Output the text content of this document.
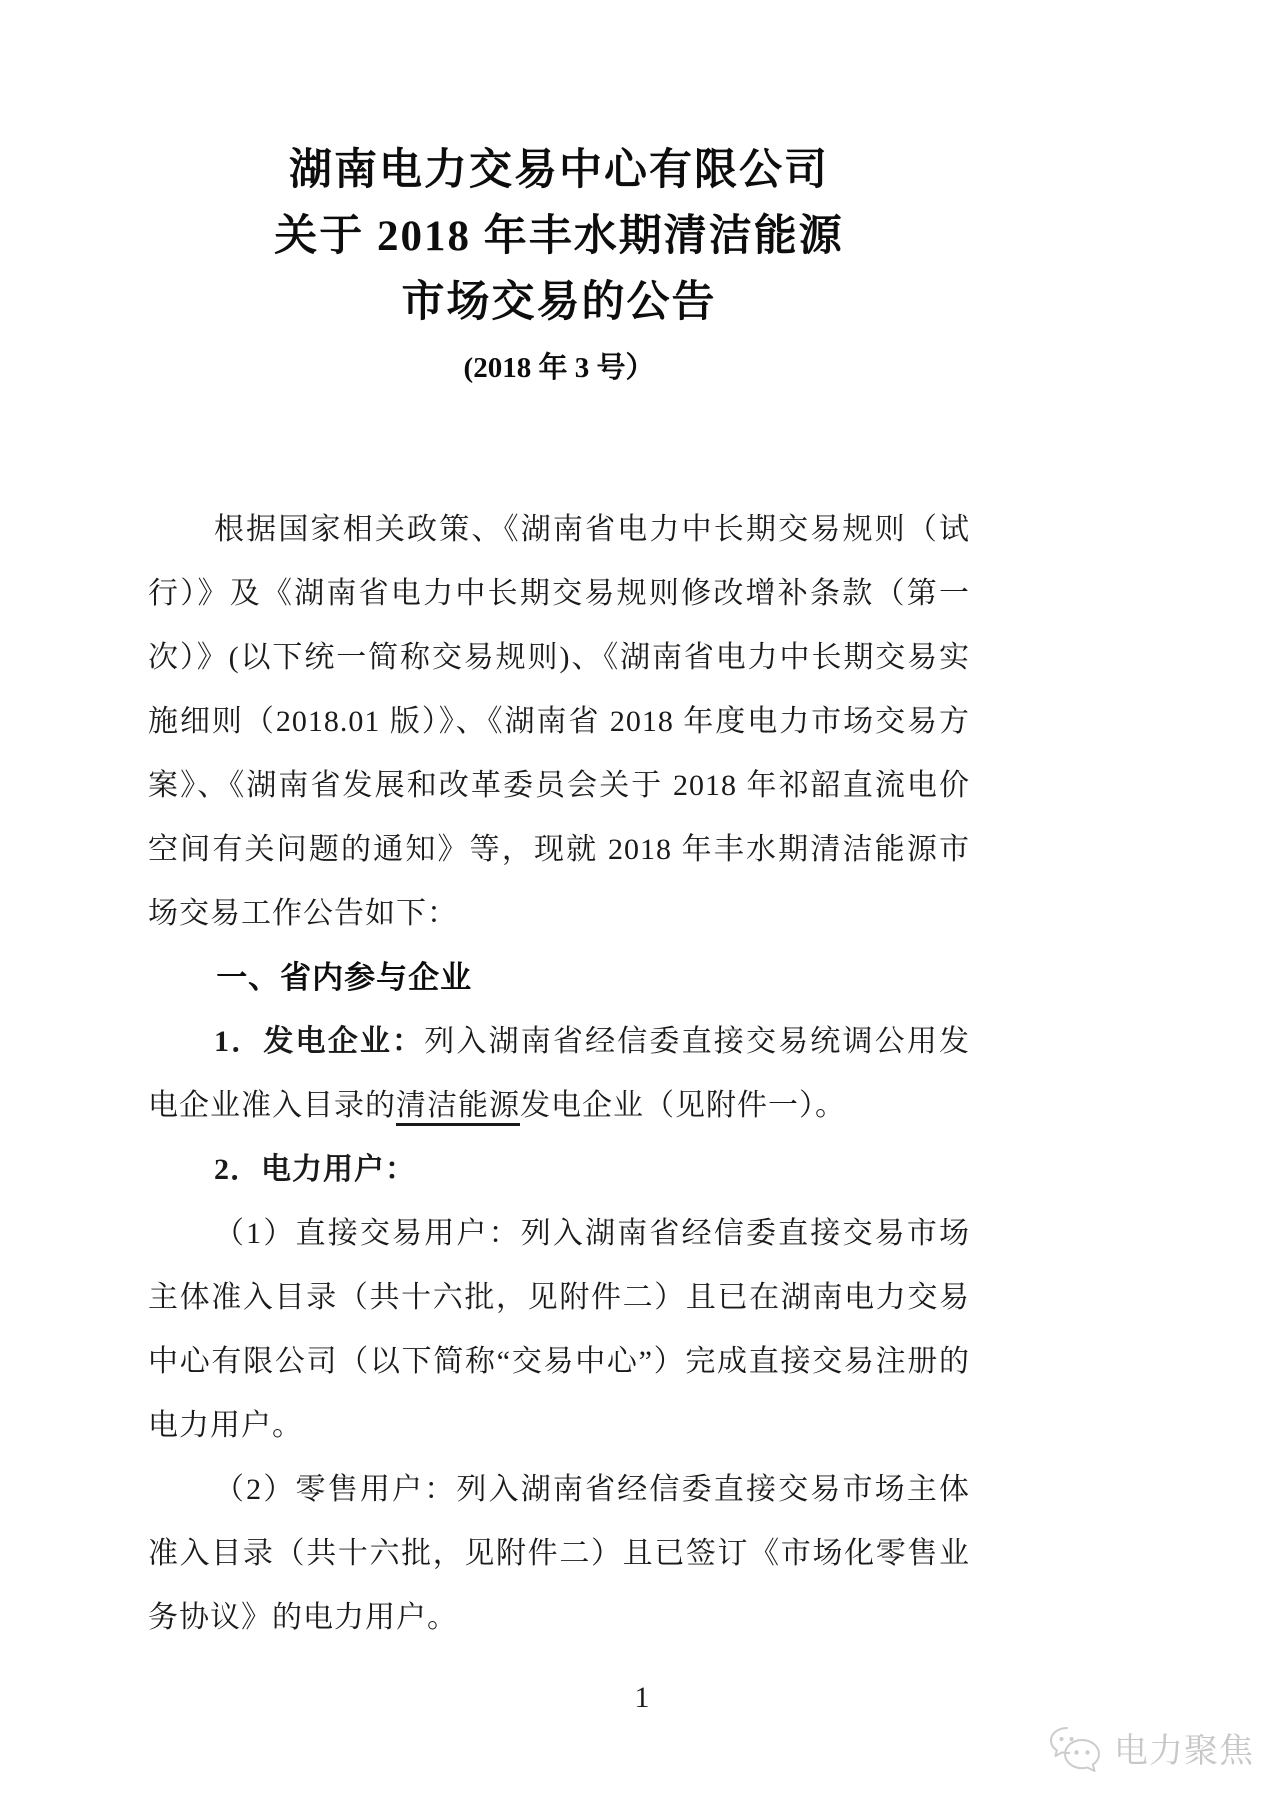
湖南电力交易中心有限公司
关于 2018 年丰水期清洁能源
市场交易的公告
(2018 年 3 号）

根据国家相关政策、《湖南省电力中长期交易规则（试行）》及《湖南省电力中长期交易规则修改增补条款（第一次）》(以下统一简称交易规则)、《湖南省电力中长期交易实施细则（2018.01 版）》、《湖南省 2018 年度电力市场交易方案》、《湖南省发展和改革委员会关于 2018 年祁韶直流电价空间有关问题的通知》等，现就 2018 年丰水期清洁能源市场交易工作公告如下：

一、省内参与企业

1．发电企业：列入湖南省经信委直接交易统调公用发电企业准入目录的清洁能源发电企业（见附件一）。

2．电力用户：

（1）直接交易用户：列入湖南省经信委直接交易市场主体准入目录（共十六批，见附件二）且已在湖南电力交易中心有限公司（以下简称“交易中心”）完成直接交易注册的电力用户。

（2）零售用户：列入湖南省经信委直接交易市场主体准入目录（共十六批，见附件二）且已签订《市场化零售业务协议》的电力用户。

1
电力聚焦
